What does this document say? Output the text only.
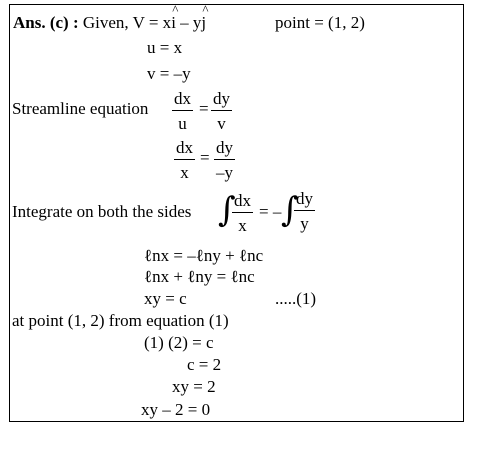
Ans. (c) : Given, V = x^ i – y^ j	point = (1, 2)
u = x
v = –y
Streamline equation
dx
u
=
dy
v
dx
x
=
dy
–y
Integrate on both the sides ∫
dx
x
= – ∫
dy
y
ℓnx = –ℓny + ℓnc
ℓnx + ℓny = ℓnc
xy = c	.....(1)
at point (1, 2) from equation (1)
(1) (2) = c
c = 2
xy = 2
xy – 2 = 0
